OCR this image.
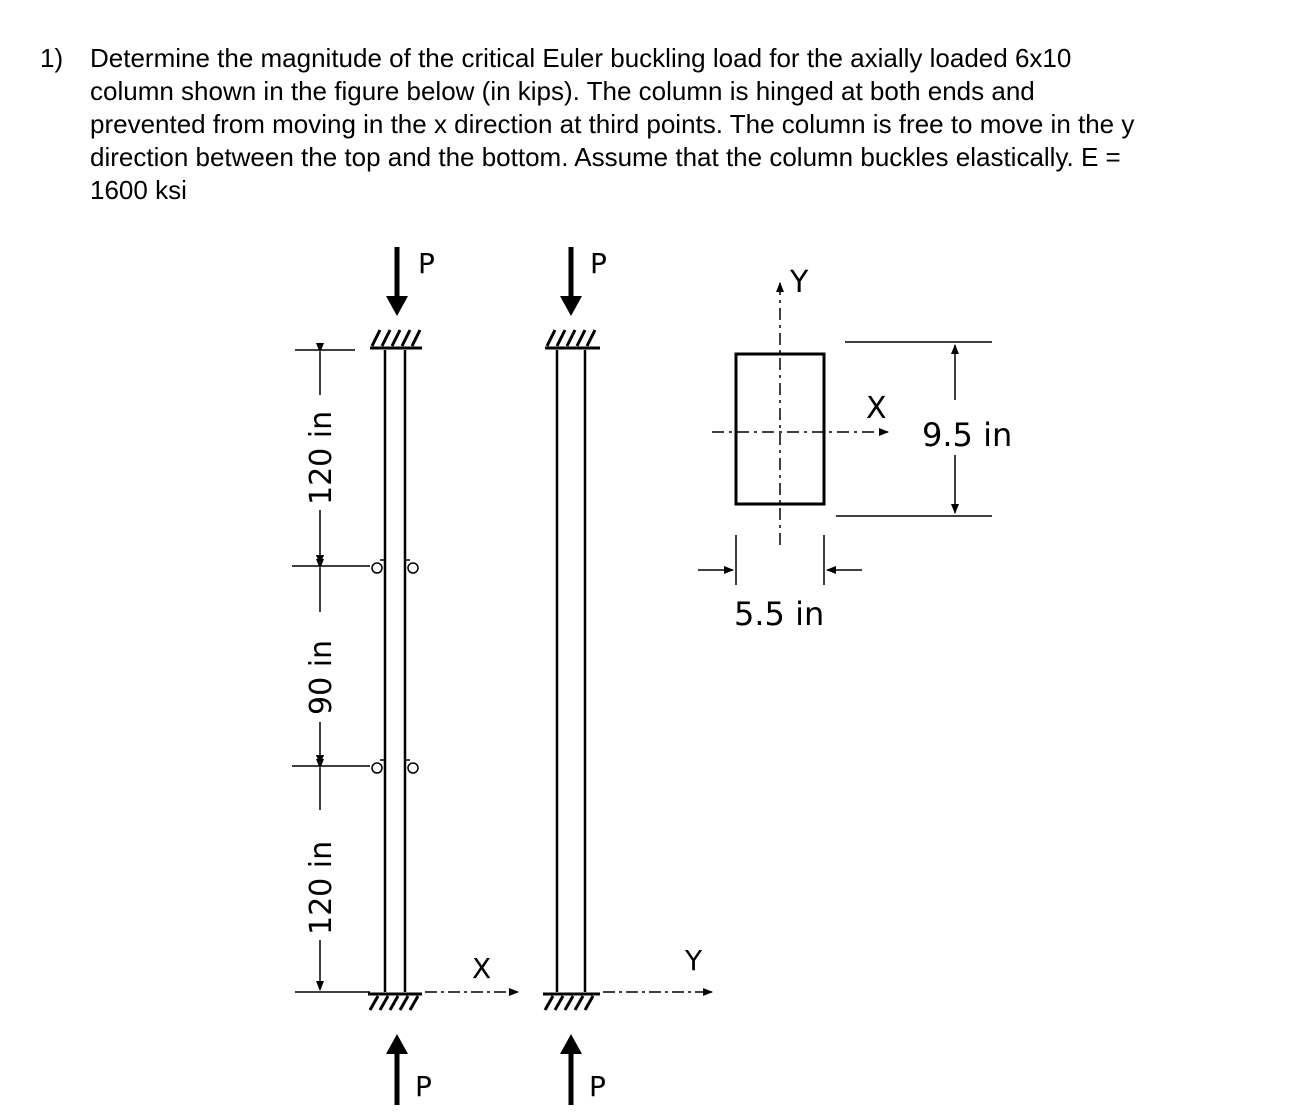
1) Determine the magnitude of the critical Euler buckling load for the axially loaded 6x10
column shown in the figure below (in kips). The column is hinged at both ends and
prevented from moving in the x direction at third points. The column is free to move in the y
direction between the top and the bottom. Assume that the column buckles elastically. E =
1600 ksi
P
P
120 in
90 in
120 in
X
P
P
Y
Y
X
9.5 in
5.5 in
